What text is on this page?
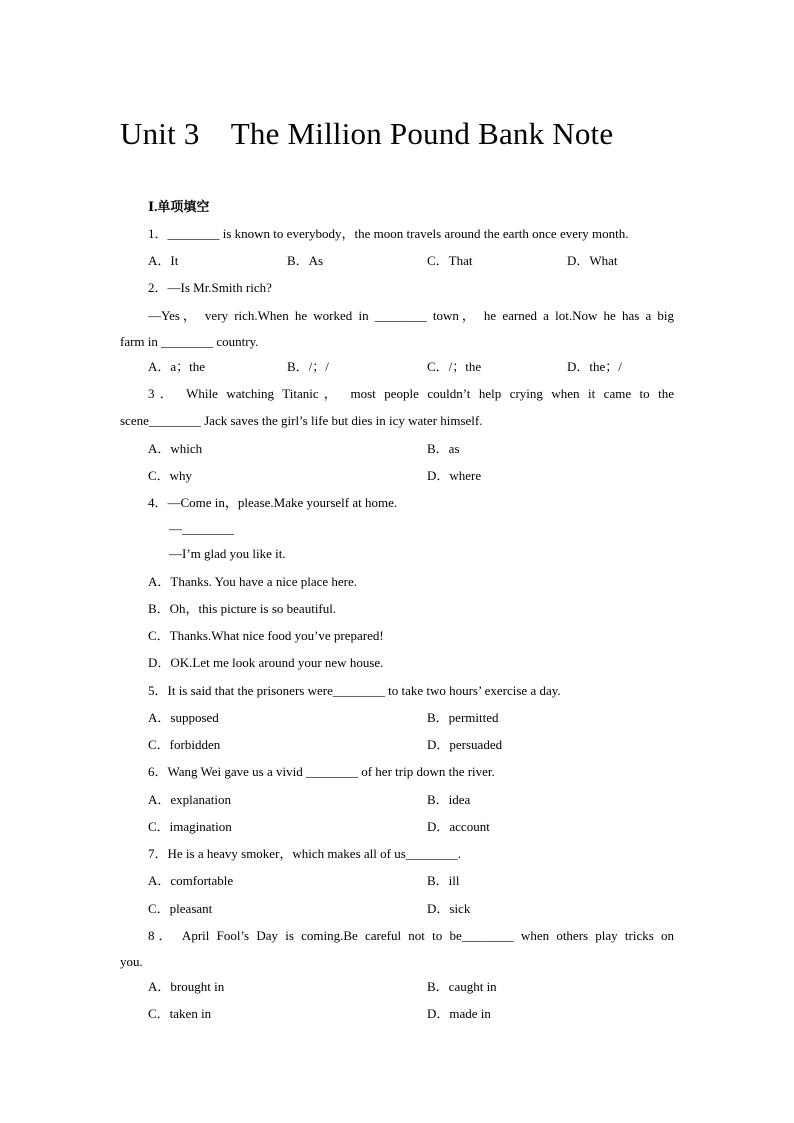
Unit 3 The Million Pound Bank Note
Ⅰ.单项填空
1．________ is known to everybody，the moon travels around the earth once every month.
A．It	B．As	C．That	D．What
2．—Is Mr.Smith rich?
—Yes， very rich.When he worked in ________ town， he earned a lot.Now he has a big
farm in ________ country.
A．a；the	B．/；/	C．/；the	D．the；/
3． While watching Titanic， most people couldn’t help crying when it came to the
scene________ Jack saves the girl’s life but dies in icy water himself.
A．which	B．as
C．why	D．where
4．—Come in，please.Make yourself at home.
—________
—I’m glad you like it.
A．Thanks. You have a nice place here.
B．Oh，this picture is so beautiful.
C．Thanks.What nice food you’ve prepared!
D．OK.Let me look around your new house.
5．It is said that the prisoners were________ to take two hours’ exercise a day.
A．supposed	B．permitted
C．forbidden	D．persuaded
6．Wang Wei gave us a vivid ________ of her trip down the river.
A．explanation	B．idea
C．imagination	D．account
7．He is a heavy smoker，which makes all of us________.
A．comfortable	B．ill
C．pleasant	D．sick
8． April Fool’s Day is coming.Be careful not to be________ when others play tricks on
you.
A．brought in	B．caught in
C．taken in	D．made in
